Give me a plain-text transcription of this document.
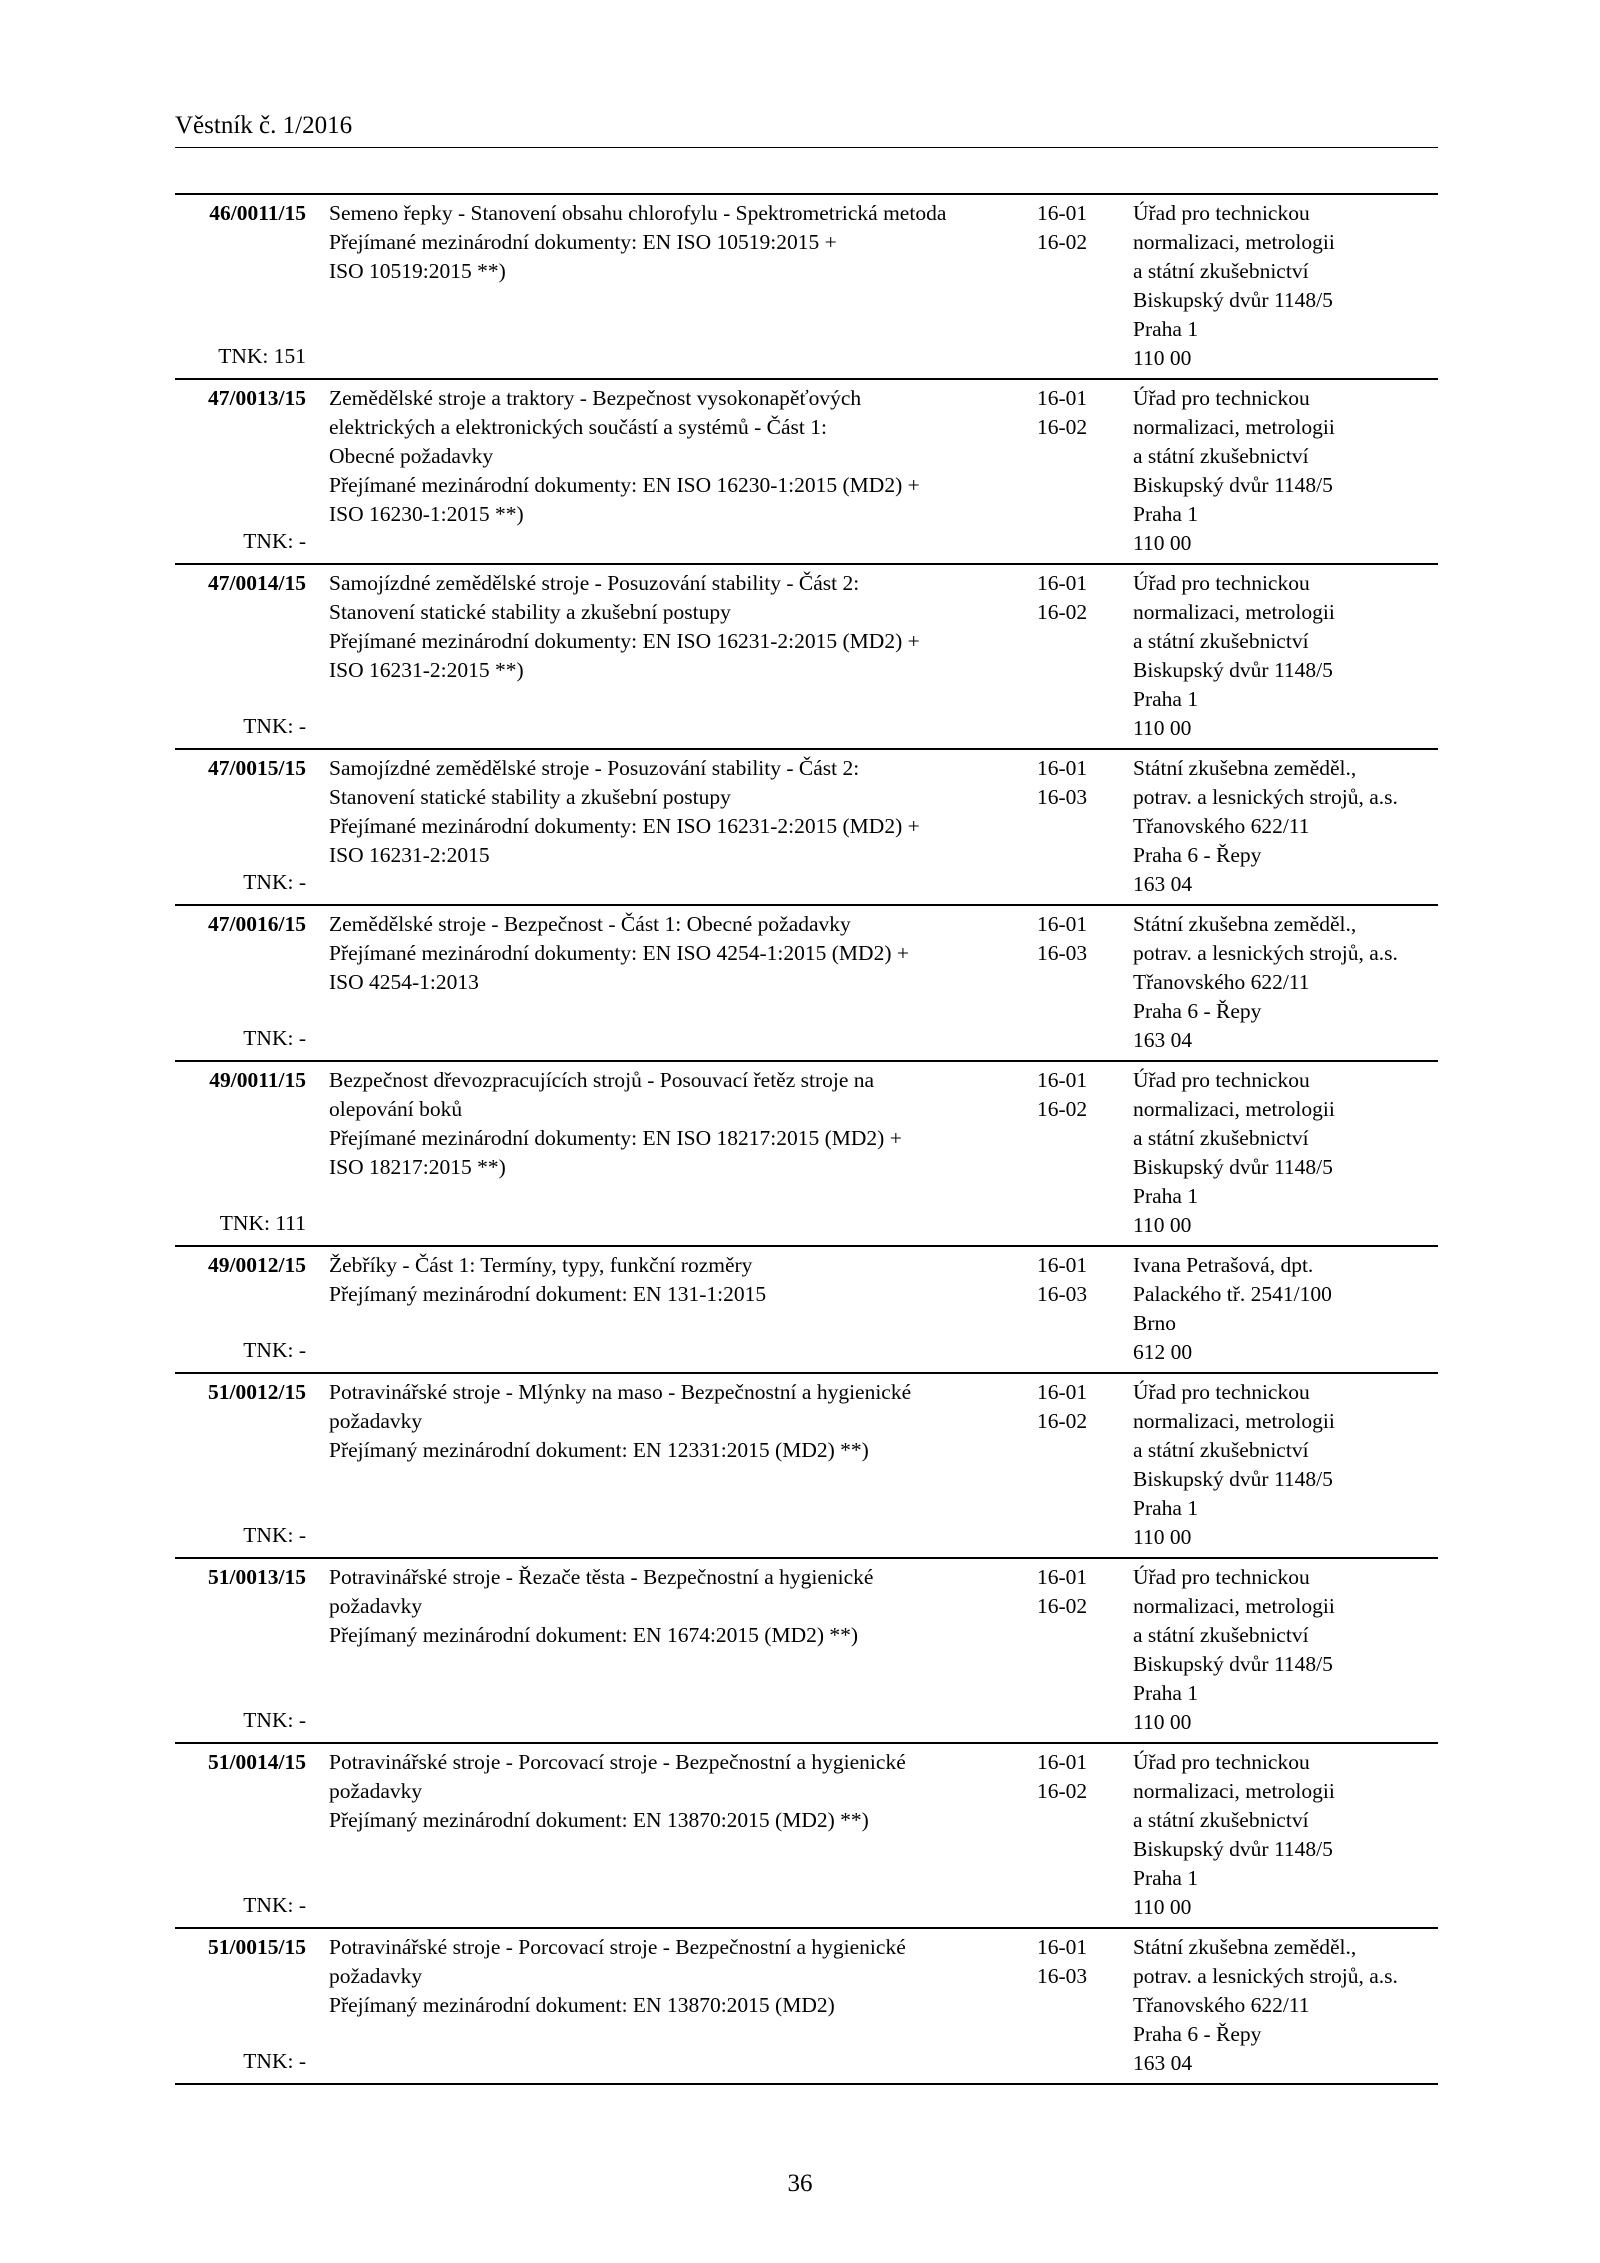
Věstník č. 1/2016
46/0011/15
TNK: 151
Semeno řepky - Stanovení obsahu chlorofylu - Spektrometrická metoda
Přejímané mezinárodní dokumenty: EN ISO 10519:2015 +
ISO 10519:2015 **)
16-01
16-02
Úřad pro technickou
normalizaci, metrologii
a státní zkušebnictví
Biskupský dvůr 1148/5
Praha 1
110 00
47/0013/15
TNK: -
Zemědělské stroje a traktory - Bezpečnost vysokonapěťových
elektrických a elektronických součástí a systémů - Část 1:
Obecné požadavky
Přejímané mezinárodní dokumenty: EN ISO 16230-1:2015 (MD2) +
ISO 16230-1:2015 **)
16-01
16-02
Úřad pro technickou
normalizaci, metrologii
a státní zkušebnictví
Biskupský dvůr 1148/5
Praha 1
110 00
47/0014/15
TNK: -
Samojízdné zemědělské stroje - Posuzování stability - Část 2:
Stanovení statické stability a zkušební postupy
Přejímané mezinárodní dokumenty: EN ISO 16231-2:2015 (MD2) +
ISO 16231-2:2015 **)
16-01
16-02
Úřad pro technickou
normalizaci, metrologii
a státní zkušebnictví
Biskupský dvůr 1148/5
Praha 1
110 00
47/0015/15
TNK: -
Samojízdné zemědělské stroje - Posuzování stability - Část 2:
Stanovení statické stability a zkušební postupy
Přejímané mezinárodní dokumenty: EN ISO 16231-2:2015 (MD2) +
ISO 16231-2:2015
16-01
16-03
Státní zkušebna zeměděl.,
potrav. a lesnických strojů, a.s.
Třanovského 622/11
Praha 6 - Řepy
163 04
47/0016/15
TNK: -
Zemědělské stroje - Bezpečnost - Část 1: Obecné požadavky
Přejímané mezinárodní dokumenty: EN ISO 4254-1:2015 (MD2) +
ISO 4254-1:2013
16-01
16-03
Státní zkušebna zeměděl.,
potrav. a lesnických strojů, a.s.
Třanovského 622/11
Praha 6 - Řepy
163 04
49/0011/15
TNK: 111
Bezpečnost dřevozpracujících strojů - Posouvací řetěz stroje na
olepování boků
Přejímané mezinárodní dokumenty: EN ISO 18217:2015 (MD2) +
ISO 18217:2015 **)
16-01
16-02
Úřad pro technickou
normalizaci, metrologii
a státní zkušebnictví
Biskupský dvůr 1148/5
Praha 1
110 00
49/0012/15
TNK: -
Žebříky - Část 1: Termíny, typy, funkční rozměry
Přejímaný mezinárodní dokument: EN 131-1:2015
16-01
16-03
Ivana Petrašová, dpt.
Palackého tř. 2541/100
Brno
612 00
51/0012/15
TNK: -
Potravinářské stroje - Mlýnky na maso - Bezpečnostní a hygienické
požadavky
Přejímaný mezinárodní dokument: EN 12331:2015 (MD2) **)
16-01
16-02
Úřad pro technickou
normalizaci, metrologii
a státní zkušebnictví
Biskupský dvůr 1148/5
Praha 1
110 00
51/0013/15
TNK: -
Potravinářské stroje - Řezače těsta - Bezpečnostní a hygienické
požadavky
Přejímaný mezinárodní dokument: EN 1674:2015 (MD2) **)
16-01
16-02
Úřad pro technickou
normalizaci, metrologii
a státní zkušebnictví
Biskupský dvůr 1148/5
Praha 1
110 00
51/0014/15
TNK: -
Potravinářské stroje - Porcovací stroje - Bezpečnostní a hygienické
požadavky
Přejímaný mezinárodní dokument: EN 13870:2015 (MD2) **)
16-01
16-02
Úřad pro technickou
normalizaci, metrologii
a státní zkušebnictví
Biskupský dvůr 1148/5
Praha 1
110 00
51/0015/15
TNK: -
Potravinářské stroje - Porcovací stroje - Bezpečnostní a hygienické
požadavky
Přejímaný mezinárodní dokument: EN 13870:2015 (MD2)
16-01
16-03
Státní zkušebna zeměděl.,
potrav. a lesnických strojů, a.s.
Třanovského 622/11
Praha 6 - Řepy
163 04
36
